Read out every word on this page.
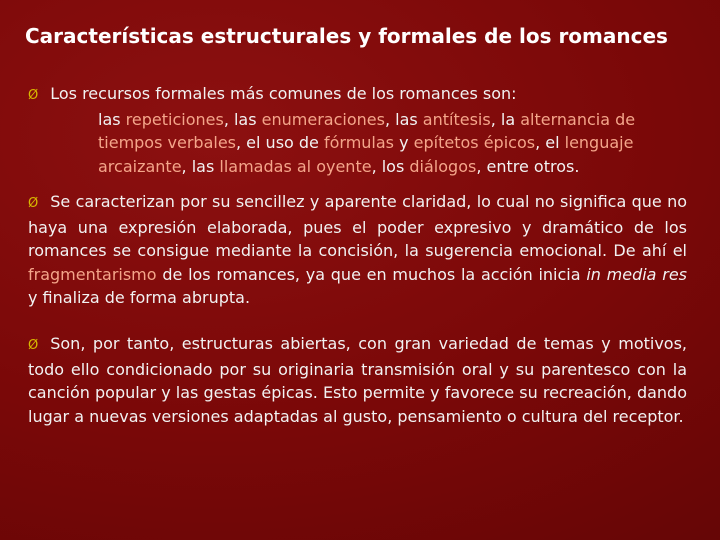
Características estructurales y formales de los romances

Ø Los recursos formales más comunes de los romances son:
las repeticiones, las enumeraciones, las antítesis, la alternancia de tiempos verbales, el uso de fórmulas y epítetos épicos, el lenguaje arcaizante, las llamadas al oyente, los diálogos, entre otros.

Ø Se caracterizan por su sencillez y aparente claridad, lo cual no significa que no haya una expresión elaborada, pues el poder expresivo y dramático de los romances se consigue mediante la concisión, la sugerencia emocional. De ahí el fragmentarismo de los romances, ya que en muchos la acción inicia in media res y finaliza de forma abrupta.

Ø Son, por tanto, estructuras abiertas, con gran variedad de temas y motivos, todo ello condicionado por su originaria transmisión oral y su parentesco con la canción popular y las gestas épicas. Esto permite y favorece su recreación, dando lugar a nuevas versiones adaptadas al gusto, pensamiento o cultura del receptor.
